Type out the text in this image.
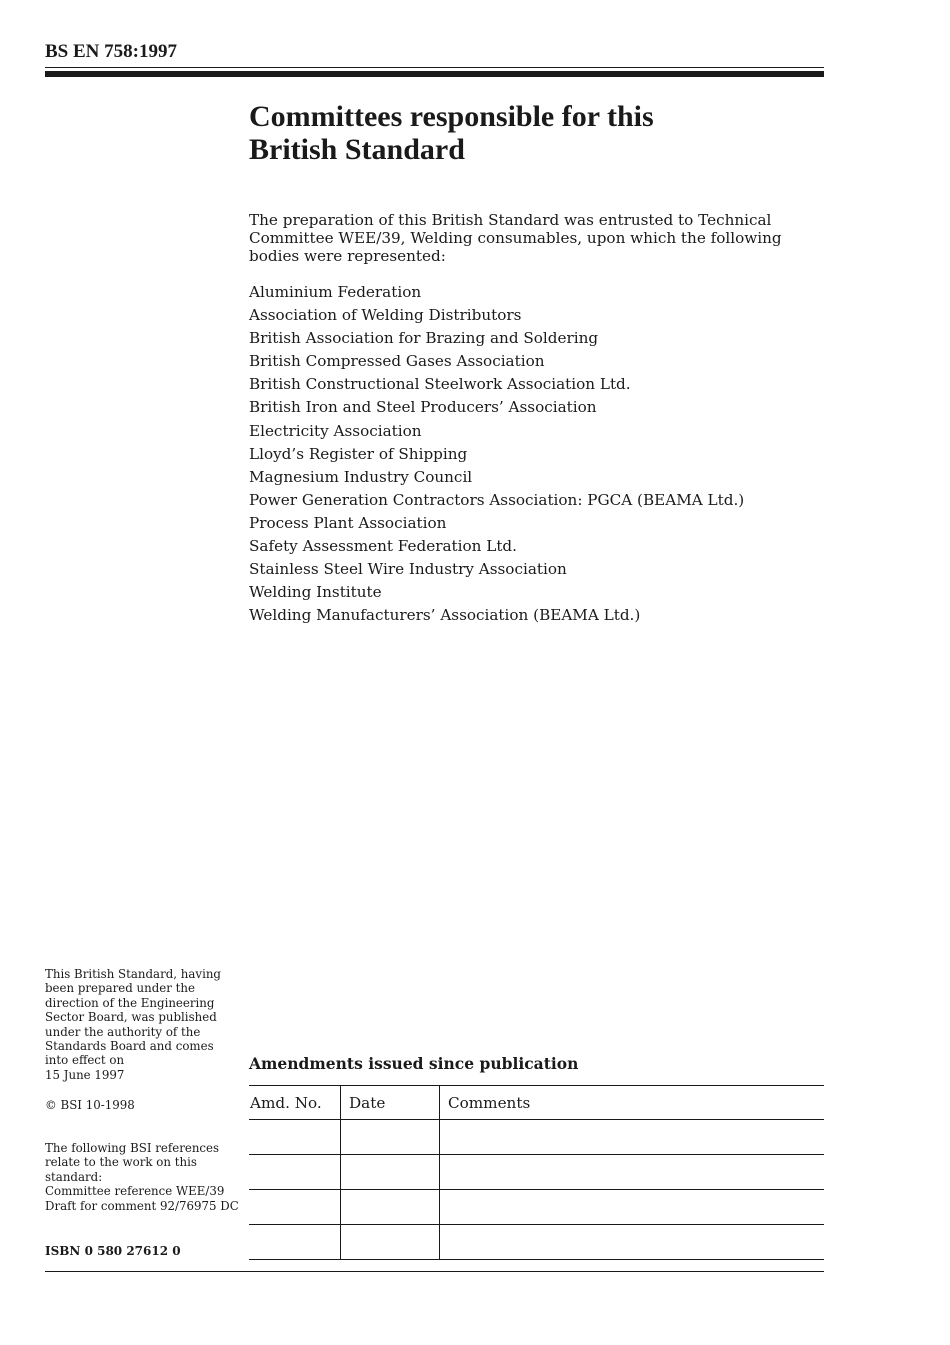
BS EN 758:1997
Committees responsible for this
British Standard

The preparation of this British Standard was entrusted to Technical Committee WEE/39, Welding consumables, upon which the following bodies were represented:

Aluminium Federation
Association of Welding Distributors
British Association for Brazing and Soldering
British Compressed Gases Association
British Constructional Steelwork Association Ltd.
British Iron and Steel Producers’ Association
Electricity Association
Lloyd’s Register of Shipping
Magnesium Industry Council
Power Generation Contractors Association: PGCA (BEAMA Ltd.)
Process Plant Association
Safety Assessment Federation Ltd.
Stainless Steel Wire Industry Association
Welding Institute
Welding Manufacturers’ Association (BEAMA Ltd.)

This British Standard, having
been prepared under the
direction of the Engineering
Sector Board, was published
under the authority of the
Standards Board and comes
into effect on
15 June 1997

© BSI 10-1998

The following BSI references
relate to the work on this
standard:
Committee reference WEE/39
Draft for comment 92/76975 DC

ISBN 0 580 27612 0
Amendments issued since publication
Amd. No.	Date	Comments
